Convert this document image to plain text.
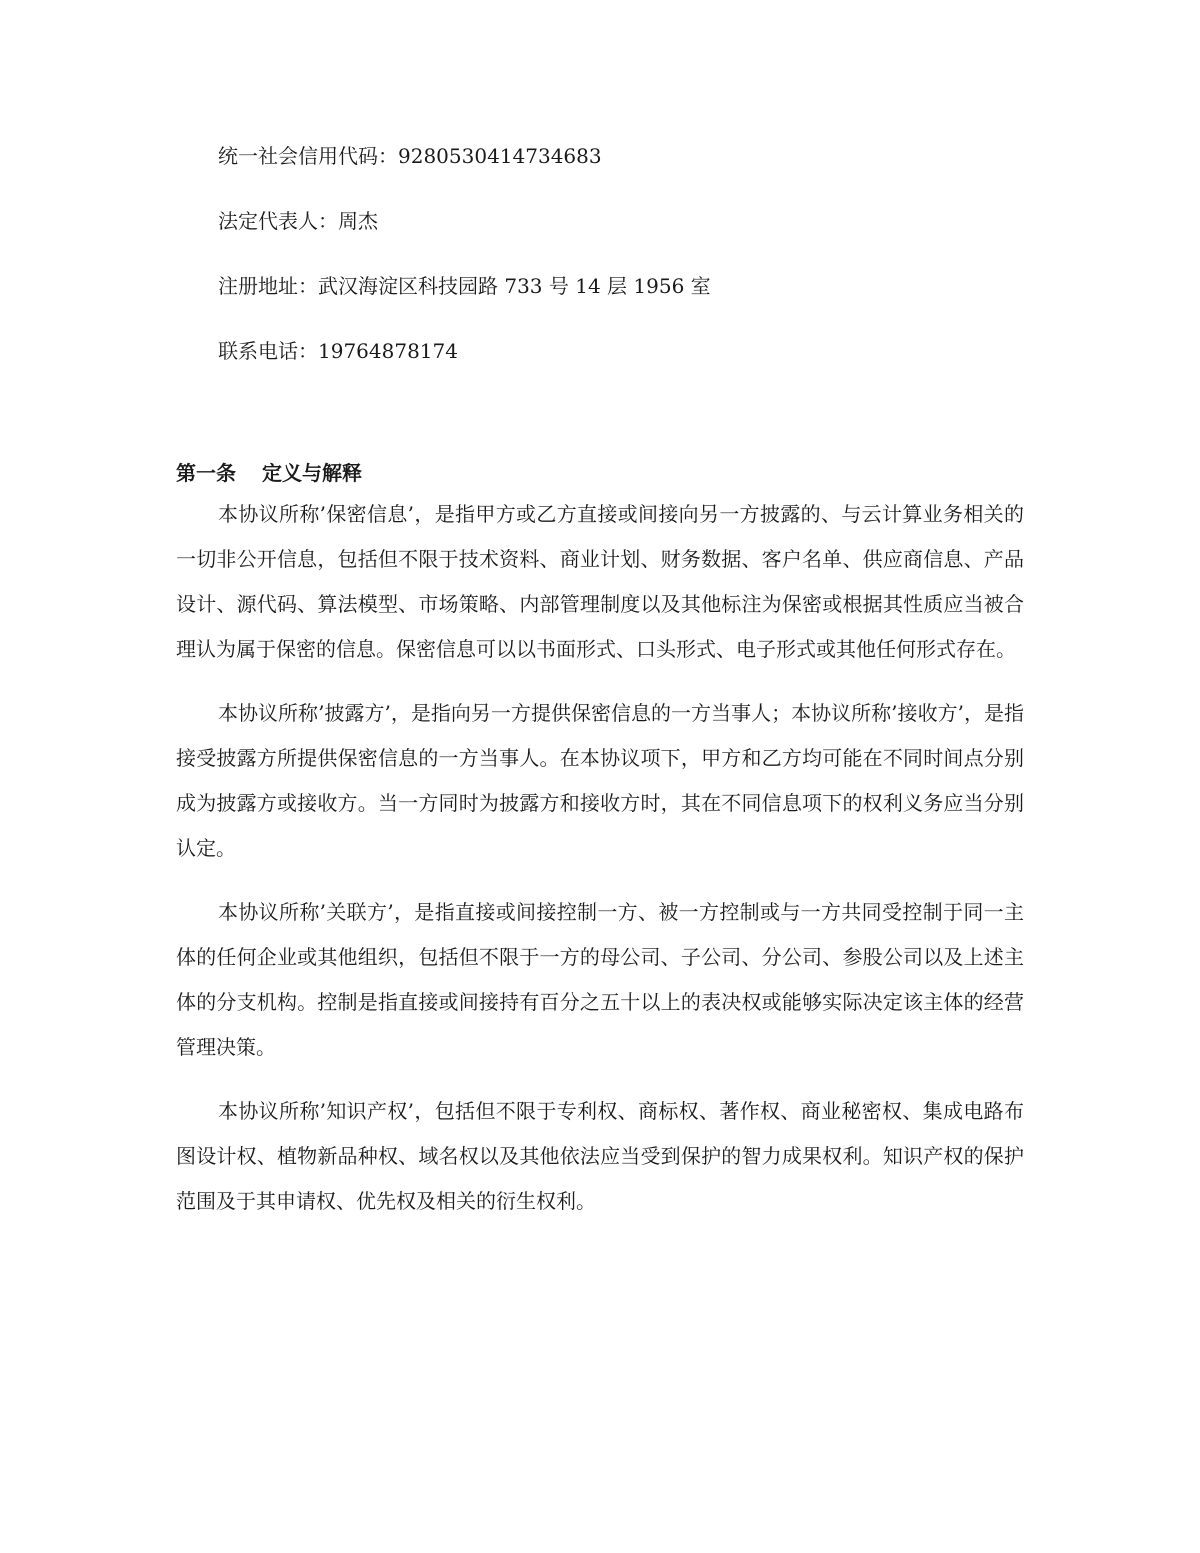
统一社会信用代码：9280530414734683
法定代表人：周杰
注册地址：武汉海淀区科技园路 733 号 14 层 1956 室
联系电话：19764878174
第一条 定义与解释

本协议所称’保密信息’，是指甲方或乙方直接或间接向另一方披露的、与云计算业务相关的一切非公开信息，包括但不限于技术资料、商业计划、财务数据、客户名单、供应商信息、产品设计、源代码、算法模型、市场策略、内部管理制度以及其他标注为保密或根据其性质应当被合理认为属于保密的信息。保密信息可以以书面形式、口头形式、电子形式或其他任何形式存在。

本协议所称’披露方’，是指向另一方提供保密信息的一方当事人；本协议所称’接收方’，是指接受披露方所提供保密信息的一方当事人。在本协议项下，甲方和乙方均可能在不同时间点分别成为披露方或接收方。当一方同时为披露方和接收方时，其在不同信息项下的权利义务应当分别认定。

本协议所称’关联方’，是指直接或间接控制一方、被一方控制或与一方共同受控制于同一主体的任何企业或其他组织，包括但不限于一方的母公司、子公司、分公司、参股公司以及上述主体的分支机构。控制是指直接或间接持有百分之五十以上的表决权或能够实际决定该主体的经营管理决策。

本协议所称’知识产权’，包括但不限于专利权、商标权、著作权、商业秘密权、集成电路布图设计权、植物新品种权、域名权以及其他依法应当受到保护的智力成果权利。知识产权的保护范围及于其申请权、优先权及相关的衍生权利。
